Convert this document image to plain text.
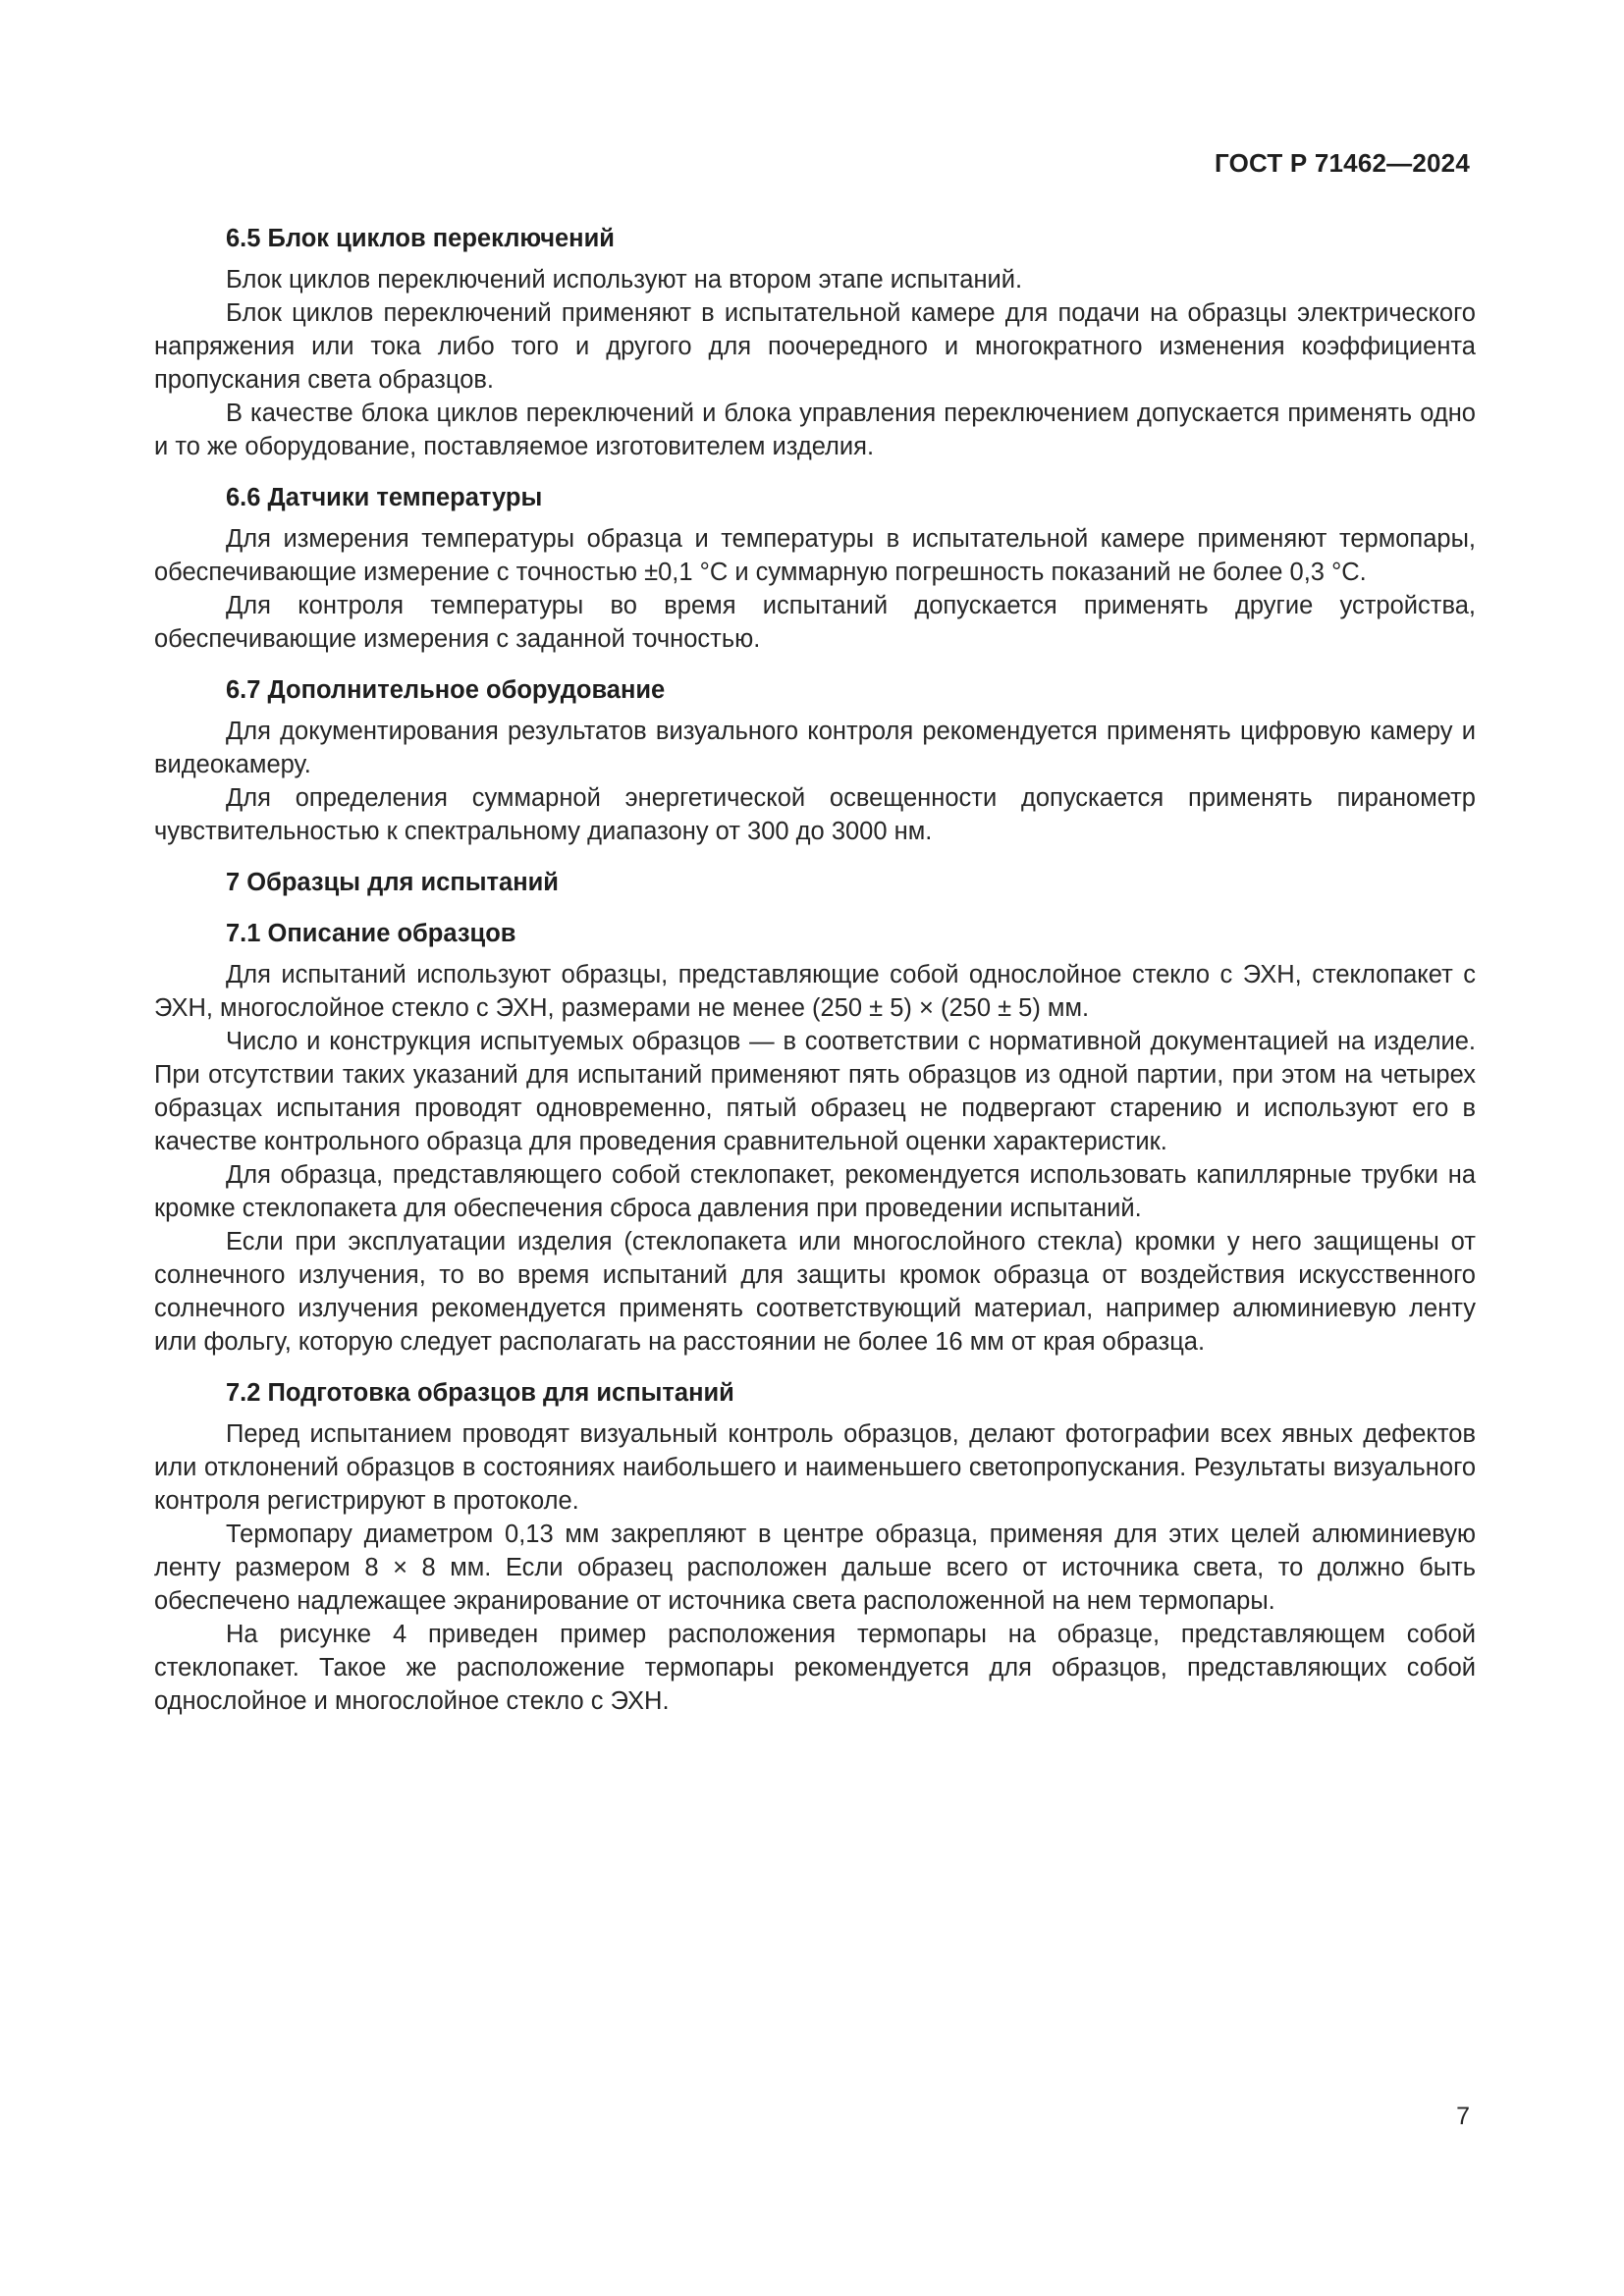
ГОСТ Р 71462—2024

6.5 Блок циклов переключений

Блок циклов переключений используют на втором этапе испытаний.

Блок циклов переключений применяют в испытательной камере для подачи на образцы электрического напряжения или тока либо того и другого для поочередного и многократного изменения коэффициента пропускания света образцов.

В качестве блока циклов переключений и блока управления переключением допускается применять одно и то же оборудование, поставляемое изготовителем изделия.

6.6 Датчики температуры

Для измерения температуры образца и температуры в испытательной камере применяют термопары, обеспечивающие измерение с точностью ±0,1 °С и суммарную погрешность показаний не более 0,3 °С.

Для контроля температуры во время испытаний допускается применять другие устройства, обеспечивающие измерения с заданной точностью.

6.7 Дополнительное оборудование

Для документирования результатов визуального контроля рекомендуется применять цифровую камеру и видеокамеру.

Для определения суммарной энергетической освещенности допускается применять пиранометр чувствительностью к спектральному диапазону от 300 до 3000 нм.

7 Образцы для испытаний

7.1 Описание образцов

Для испытаний используют образцы, представляющие собой однослойное стекло с ЭХН, стеклопакет с ЭХН, многослойное стекло с ЭХН, размерами не менее (250 ± 5) × (250 ± 5) мм.

Число и конструкция испытуемых образцов — в соответствии с нормативной документацией на изделие. При отсутствии таких указаний для испытаний применяют пять образцов из одной партии, при этом на четырех образцах испытания проводят одновременно, пятый образец не подвергают старению и используют его в качестве контрольного образца для проведения сравнительной оценки характеристик.

Для образца, представляющего собой стеклопакет, рекомендуется использовать капиллярные трубки на кромке стеклопакета для обеспечения сброса давления при проведении испытаний.

Если при эксплуатации изделия (стеклопакета или многослойного стекла) кромки у него защищены от солнечного излучения, то во время испытаний для защиты кромок образца от воздействия искусственного солнечного излучения рекомендуется применять соответствующий материал, например алюминиевую ленту или фольгу, которую следует располагать на расстоянии не более 16 мм от края образца.

7.2 Подготовка образцов для испытаний

Перед испытанием проводят визуальный контроль образцов, делают фотографии всех явных дефектов или отклонений образцов в состояниях наибольшего и наименьшего светопропускания. Результаты визуального контроля регистрируют в протоколе.

Термопару диаметром 0,13 мм закрепляют в центре образца, применяя для этих целей алюминиевую ленту размером 8 × 8 мм. Если образец расположен дальше всего от источника света, то должно быть обеспечено надлежащее экранирование от источника света расположенной на нем термопары.

На рисунке 4 приведен пример расположения термопары на образце, представляющем собой стеклопакет. Такое же расположение термопары рекомендуется для образцов, представляющих собой однослойное и многослойное стекло с ЭХН.

7
